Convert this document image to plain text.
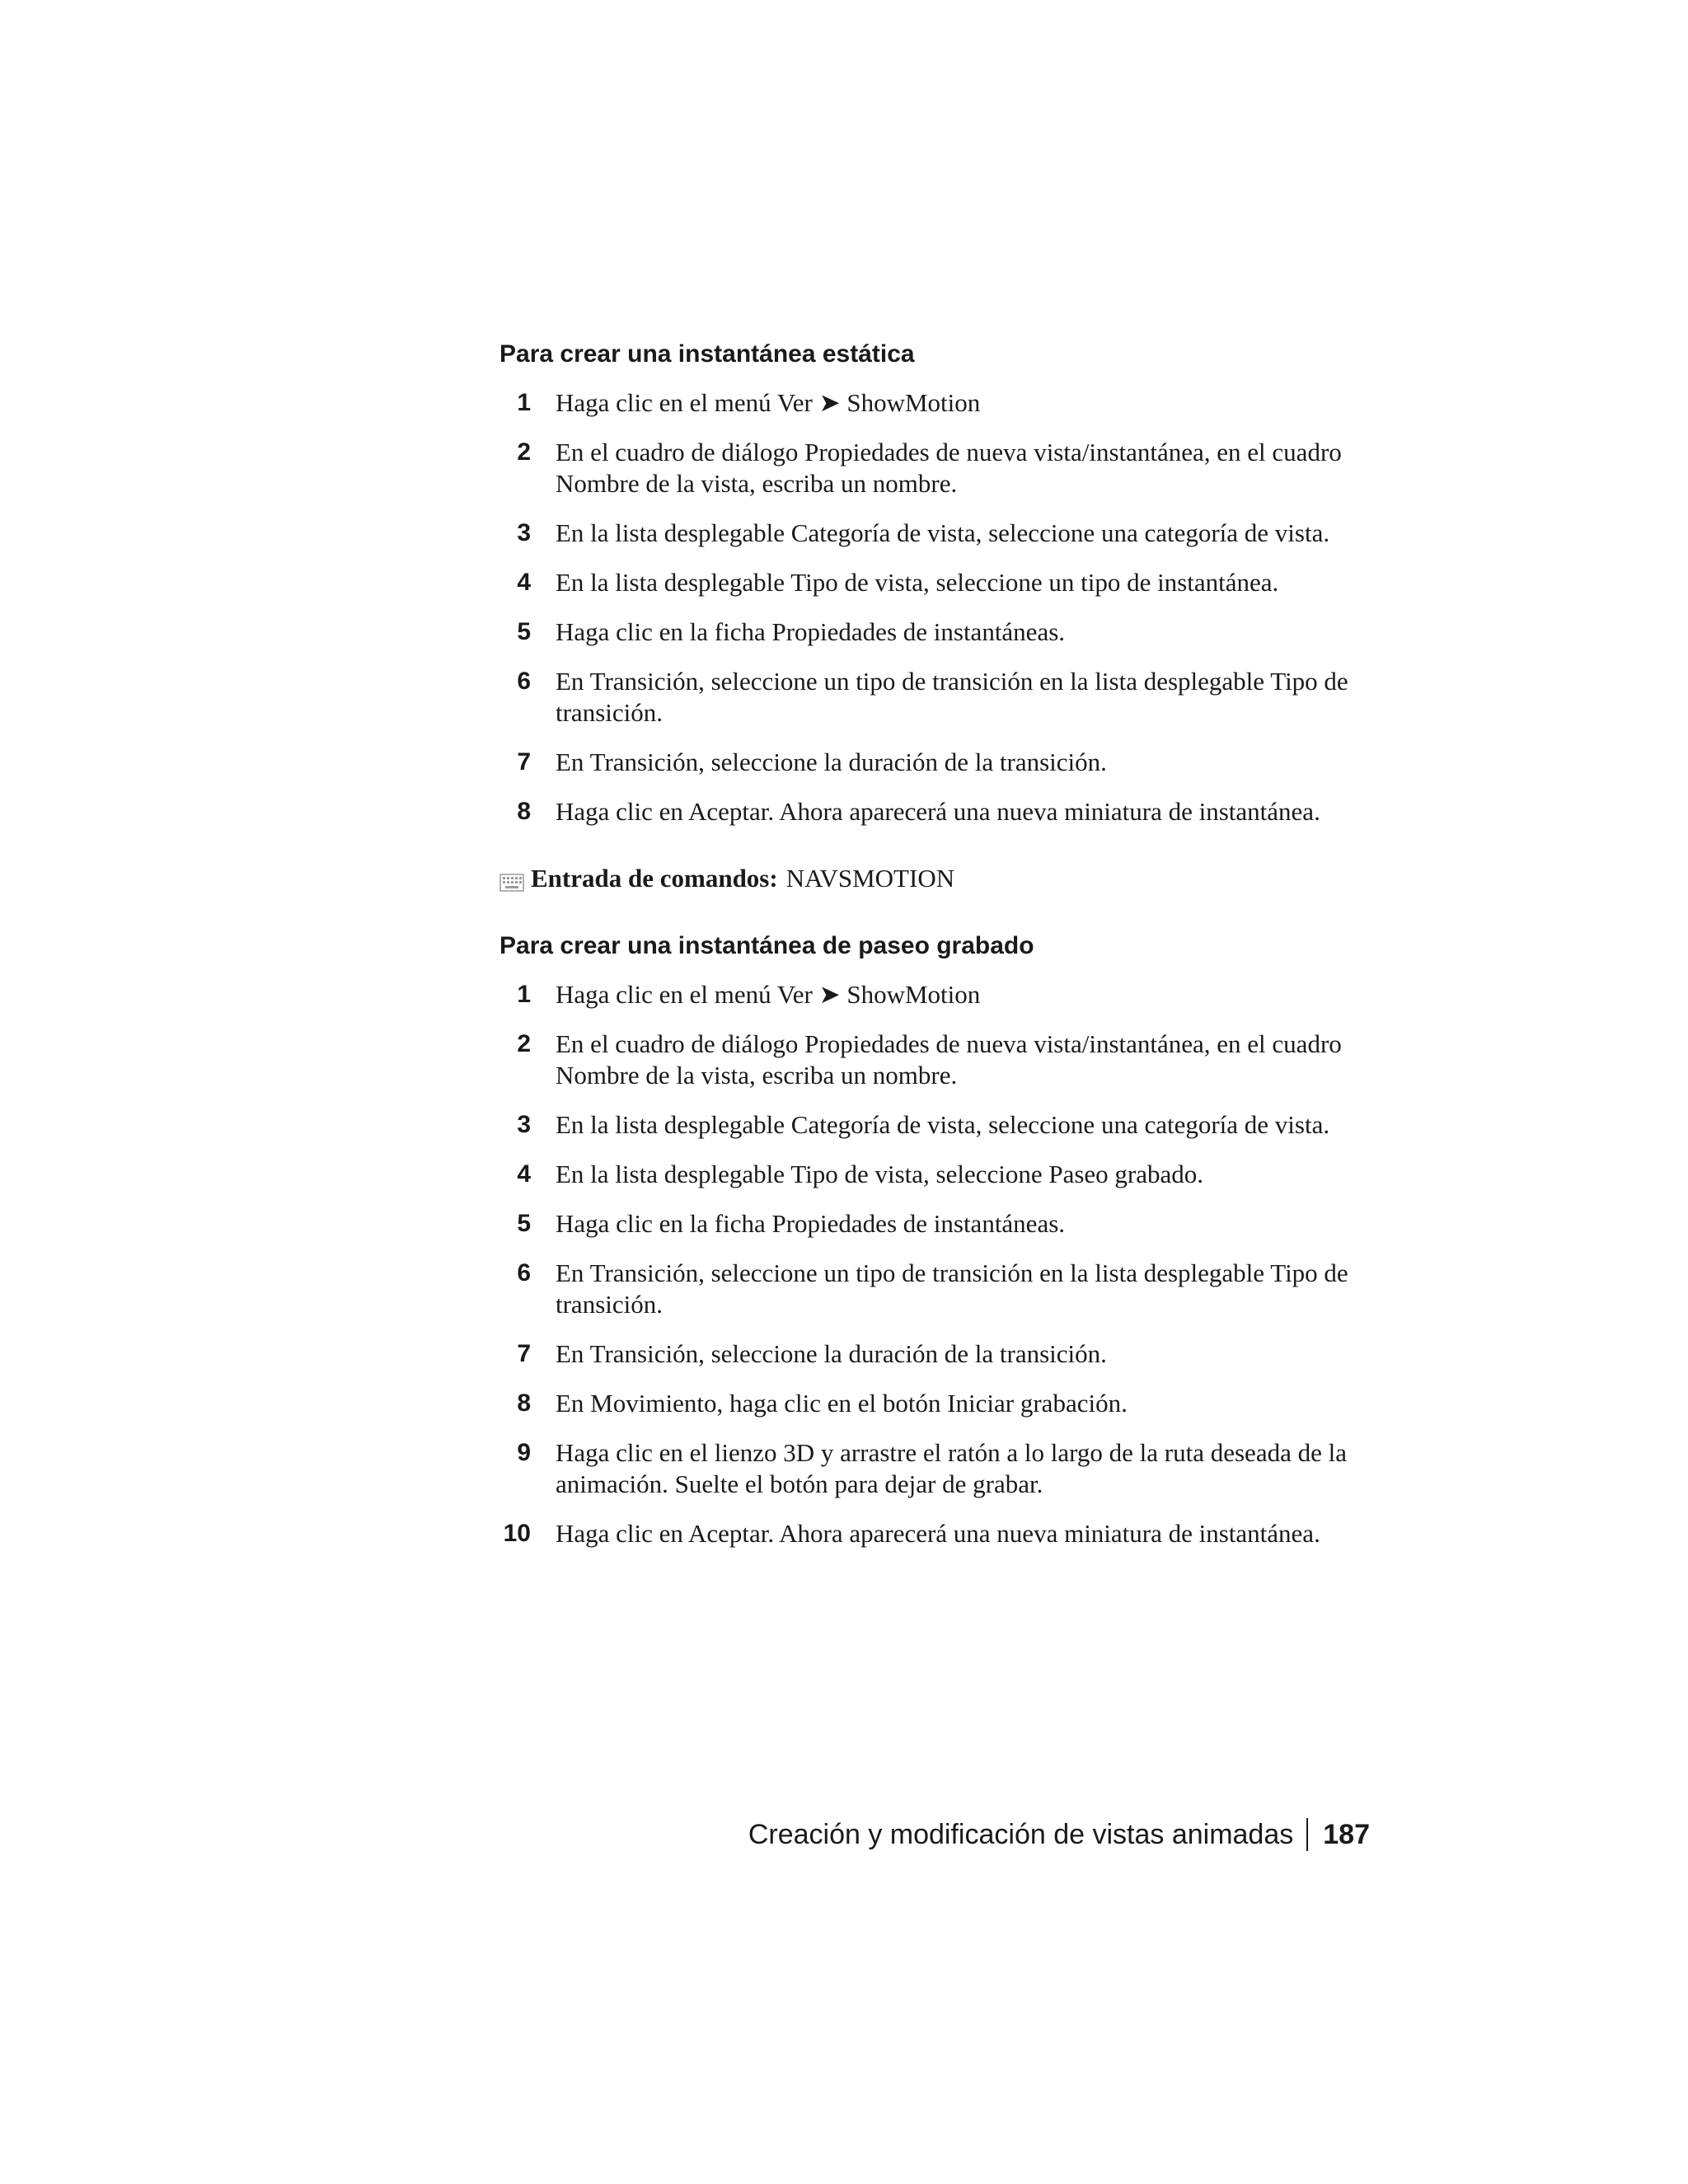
Para crear una instantánea estática
1 Haga clic en el menú Ver ➤ ShowMotion
2 En el cuadro de diálogo Propiedades de nueva vista/instantánea, en el cuadro Nombre de la vista, escriba un nombre.
3 En la lista desplegable Categoría de vista, seleccione una categoría de vista.
4 En la lista desplegable Tipo de vista, seleccione un tipo de instantánea.
5 Haga clic en la ficha Propiedades de instantáneas.
6 En Transición, seleccione un tipo de transición en la lista desplegable Tipo de transición.
7 En Transición, seleccione la duración de la transición.
8 Haga clic en Aceptar. Ahora aparecerá una nueva miniatura de instantánea.
Entrada de comandos: NAVSMOTION
Para crear una instantánea de paseo grabado
1 Haga clic en el menú Ver ➤ ShowMotion
2 En el cuadro de diálogo Propiedades de nueva vista/instantánea, en el cuadro Nombre de la vista, escriba un nombre.
3 En la lista desplegable Categoría de vista, seleccione una categoría de vista.
4 En la lista desplegable Tipo de vista, seleccione Paseo grabado.
5 Haga clic en la ficha Propiedades de instantáneas.
6 En Transición, seleccione un tipo de transición en la lista desplegable Tipo de transición.
7 En Transición, seleccione la duración de la transición.
8 En Movimiento, haga clic en el botón Iniciar grabación.
9 Haga clic en el lienzo 3D y arrastre el ratón a lo largo de la ruta deseada de la animación. Suelte el botón para dejar de grabar.
10 Haga clic en Aceptar. Ahora aparecerá una nueva miniatura de instantánea.
Creación y modificación de vistas animadas 187
